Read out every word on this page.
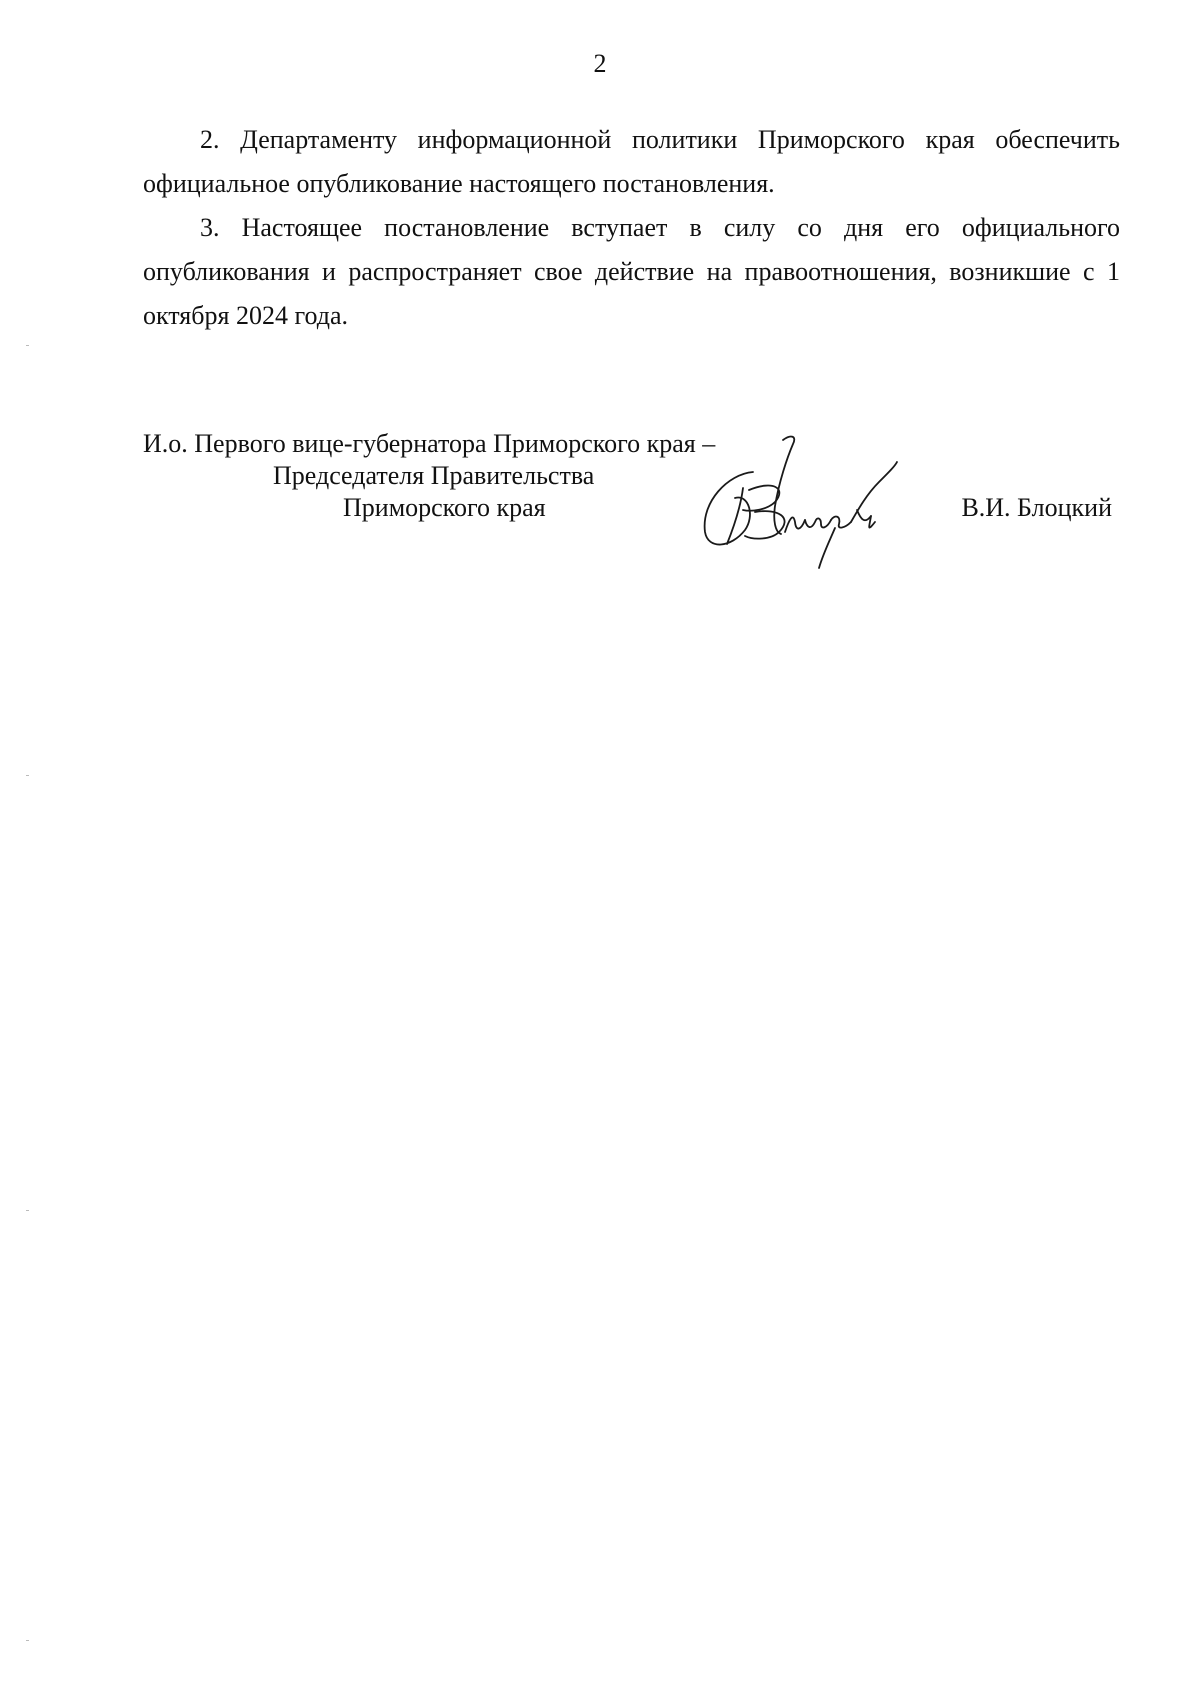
2

2. Департаменту информационной политики Приморского края обеспечить официальное опубликование настоящего постановления.

3. Настоящее постановление вступает в силу со дня его официального опубликования и распространяет свое действие на правоотношения, возникшие с 1 октября 2024 года.

И.о. Первого вице-губернатора Приморского края –
Председателя Правительства
Приморского края	В.И. Блоцкий
